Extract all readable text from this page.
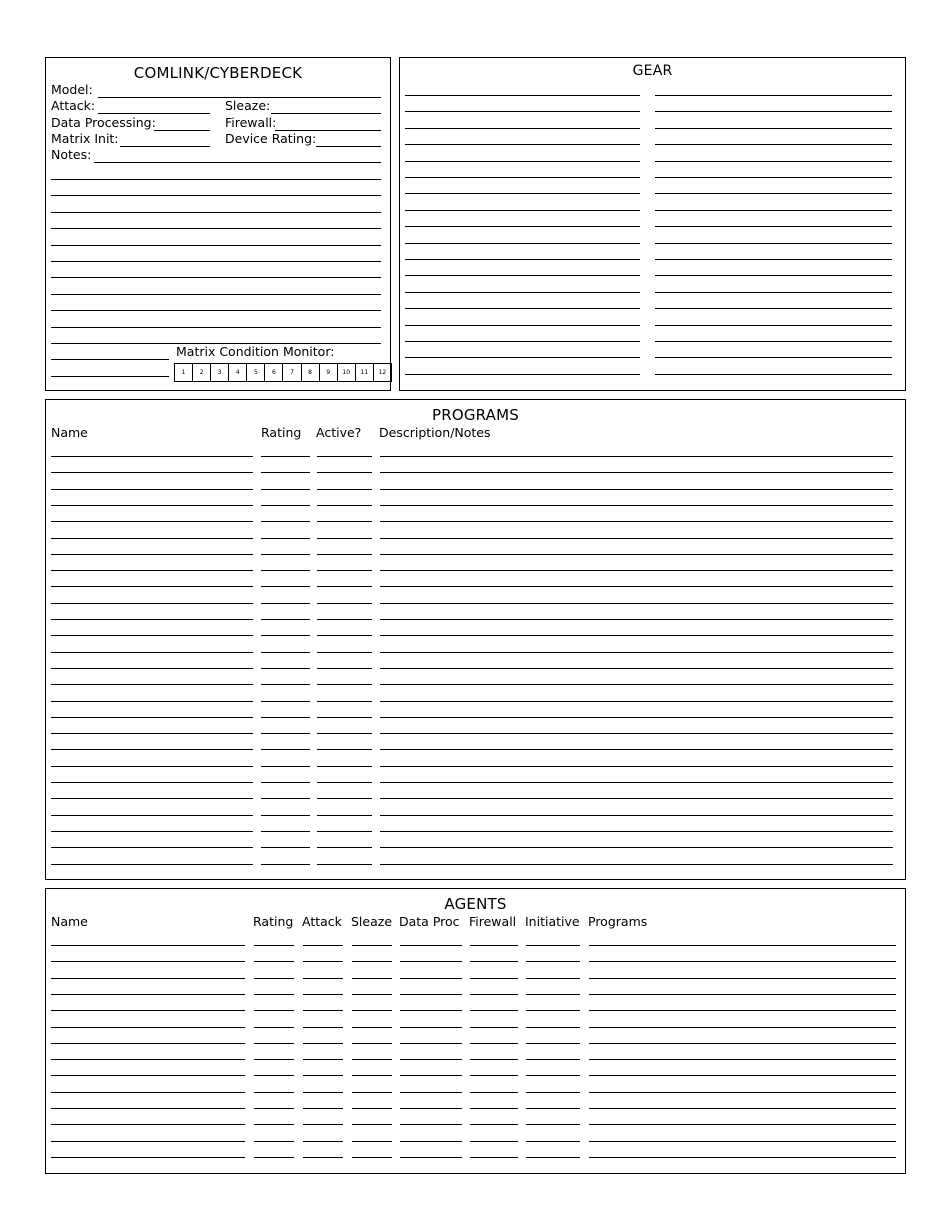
COMLINK/CYBERDECK
Model:
Attack:	Sleaze:
Data Processing:	Firewall:
Matrix Init:	Device Rating:
Notes:
Matrix Condition Monitor:
1	2	3	4	5	6	7	8	9	10	11	12
GEAR
PROGRAMS
Name	Rating Active? Description/Notes
AGENTS
Name	Rating Attack Sleaze Data Proc Firewall Initiative Programs
